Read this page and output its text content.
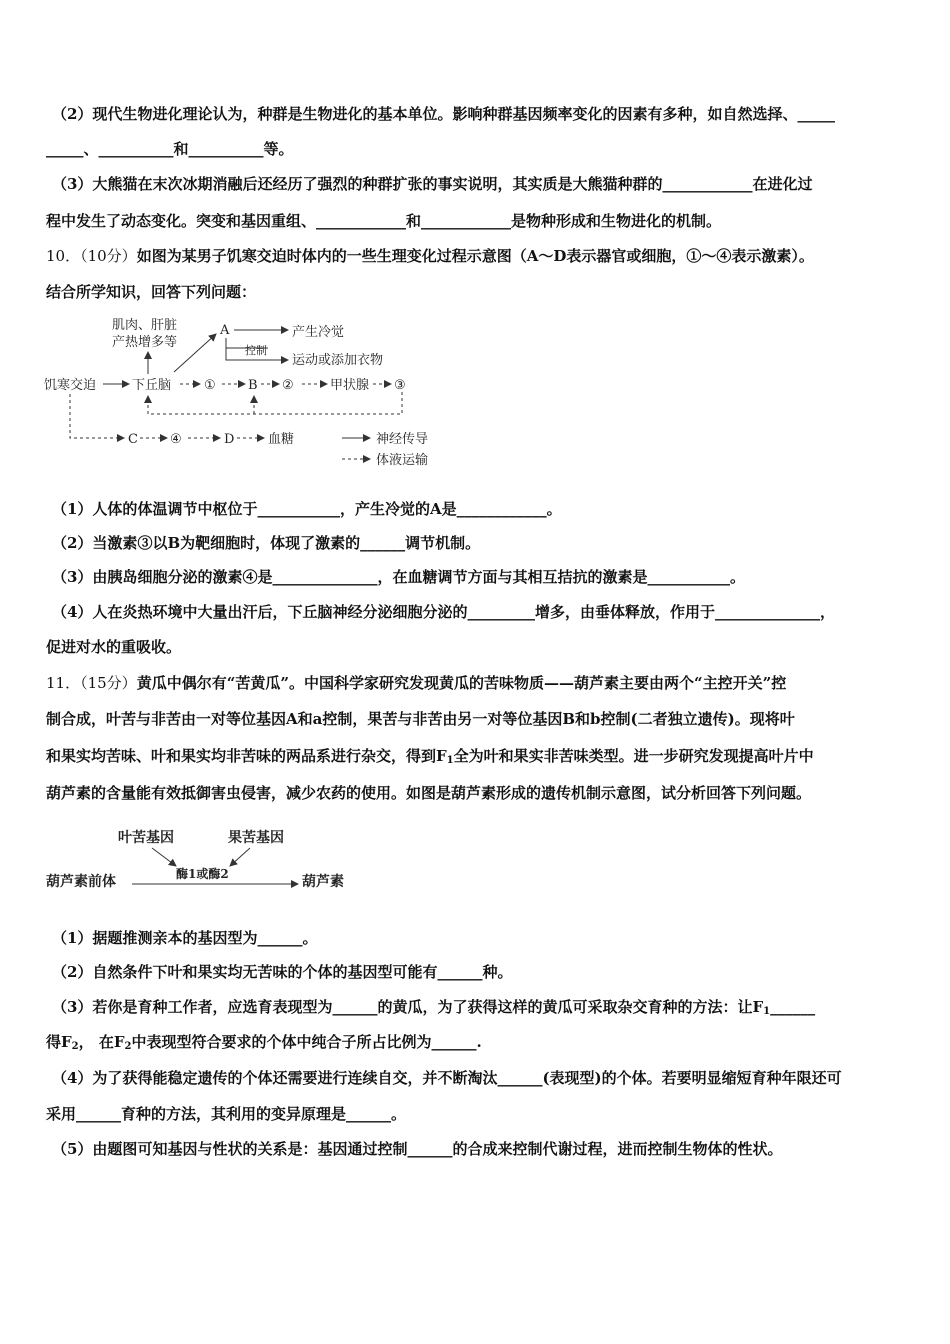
（2）现代生物进化理论认为，种群是生物进化的基本单位。影响种群基因频率变化的因素有多种，如自然选择、_____
_____、__________和__________等。
（3）大熊猫在末次冰期消融后还经历了强烈的种群扩张的事实说明，其实质是大熊猫种群的____________在进化过
程中发生了动态变化。突变和基因重组、____________和____________是物种形成和生物进化的机制。
10．（10分）如图为某男子饥寒交迫时体内的一些生理变化过程示意图（A～D表示器官或细胞，①～④表示激素）。
结合所学知识，回答下列问题：
肌肉、肝脏
产热增多等
A	产生冷觉
控制
运动或添加衣物
饥寒交迫	下丘脑	① B ②	甲状腺 ③
C ④	D	血糖	神经传导
体液运输
（1）人体的体温调节中枢位于___________，产生冷觉的A是____________。
（2）当激素③以B为靶细胞时，体现了激素的______调节机制。
（3）由胰岛细胞分泌的激素④是______________，在血糖调节方面与其相互拮抗的激素是___________。
（4）人在炎热环境中大量出汗后，下丘脑神经分泌细胞分泌的_________增多，由垂体释放，作用于______________，
促进对水的重吸收。
11．（15分）黄瓜中偶尔有“苦黄瓜”。中国科学家研究发现黄瓜的苦味物质——葫芦素主要由两个“主控开关”控
制合成，叶苦与非苦由一对等位基因A和a控制，果苦与非苦由另一对等位基因B和b控制(二者独立遗传)。现将叶
和果实均苦味、叶和果实均非苦味的两品系进行杂交，得到$F_1$全为叶和果实非苦味类型。进一步研究发现提高叶片中
葫芦素的含量能有效抵御害虫侵害，减少农药的使用。如图是葫芦素形成的遗传机制示意图，试分析回答下列问题。
叶苦基因	果苦基因
酶1或酶2
葫芦素前体	葫芦素
（1）据题推测亲本的基因型为______。
（2）自然条件下叶和果实均无苦味的个体的基因型可能有______种。
（3）若你是育种工作者，应选育表现型为______的黄瓜，为了获得这样的黄瓜可采取杂交育种的方法：让$F_1\_\_\_\_\_\_$
得$F_2$， 在$F_2$中表现型符合要求的个体中纯合子所占比例为______.
（4）为了获得能稳定遗传的个体还需要进行连续自交，并不断淘汰______(表现型)的个体。若要明显缩短育种年限还可
采用______育种的方法，其利用的变异原理是______。
（5）由题图可知基因与性状的关系是：基因通过控制______的合成来控制代谢过程，进而控制生物体的性状。
